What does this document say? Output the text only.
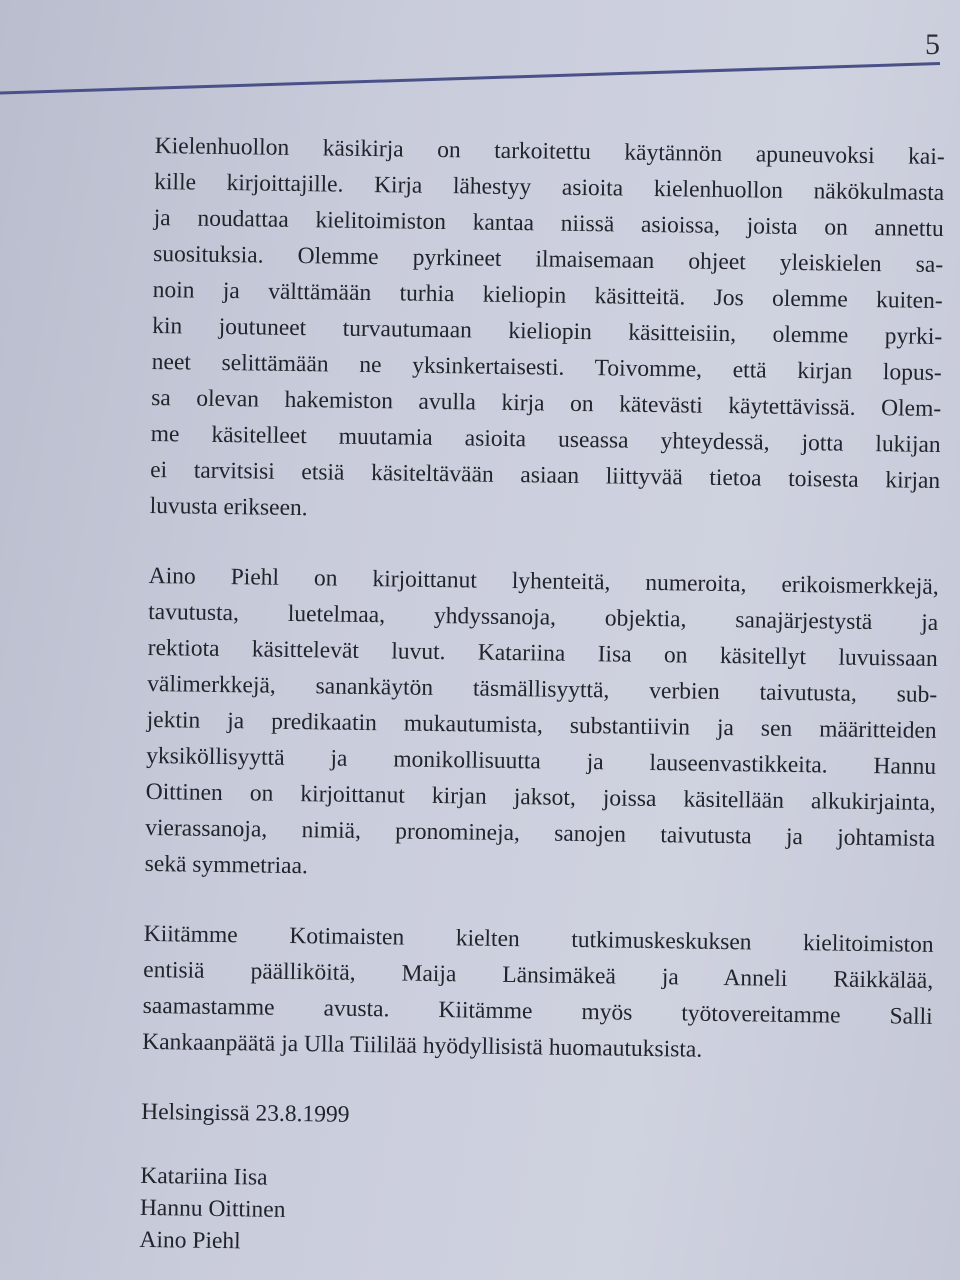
5
Kielenhuollon käsikirja on tarkoitettu käytännön apuneuvoksi kai-
kille kirjoittajille. Kirja lähestyy asioita kielenhuollon näkökulmasta
ja noudattaa kielitoimiston kantaa niissä asioissa, joista on annettu
suosituksia. Olemme pyrkineet ilmaisemaan ohjeet yleiskielen sa-
noin ja välttämään turhia kieliopin käsitteitä. Jos olemme kuiten-
kin joutuneet turvautumaan kieliopin käsitteisiin, olemme pyrki-
neet selittämään ne yksinkertaisesti. Toivomme, että kirjan lopus-
sa olevan hakemiston avulla kirja on kätevästi käytettävissä. Olem-
me käsitelleet muutamia asioita useassa yhteydessä, jotta lukijan
ei tarvitsisi etsiä käsiteltävään asiaan liittyvää tietoa toisesta kirjan
luvusta erikseen.
Aino Piehl on kirjoittanut lyhenteitä, numeroita, erikoismerkkejä,
tavutusta, luetelmaa, yhdyssanoja, objektia, sanajärjestystä ja
rektiota käsittelevät luvut. Katariina Iisa on käsitellyt luvuissaan
välimerkkejä, sanankäytön täsmällisyyttä, verbien taivutusta, sub-
jektin ja predikaatin mukautumista, substantiivin ja sen määritteiden
yksiköllisyyttä ja monikollisuutta ja lauseenvastikkeita. Hannu
Oittinen on kirjoittanut kirjan jaksot, joissa käsitellään alkukirjainta,
vierassanoja, nimiä, pronomineja, sanojen taivutusta ja johtamista
sekä symmetriaa.
Kiitämme Kotimaisten kielten tutkimuskeskuksen kielitoimiston
entisiä päälliköitä, Maija Länsimäkeä ja Anneli Räikkälää,
saamastamme avusta. Kiitämme myös työtovereitamme Salli
Kankaanpäätä ja Ulla Tiililää hyödyllisistä huomautuksista.
Helsingissä 23.8.1999
Katariina Iisa
Hannu Oittinen
Aino Piehl
